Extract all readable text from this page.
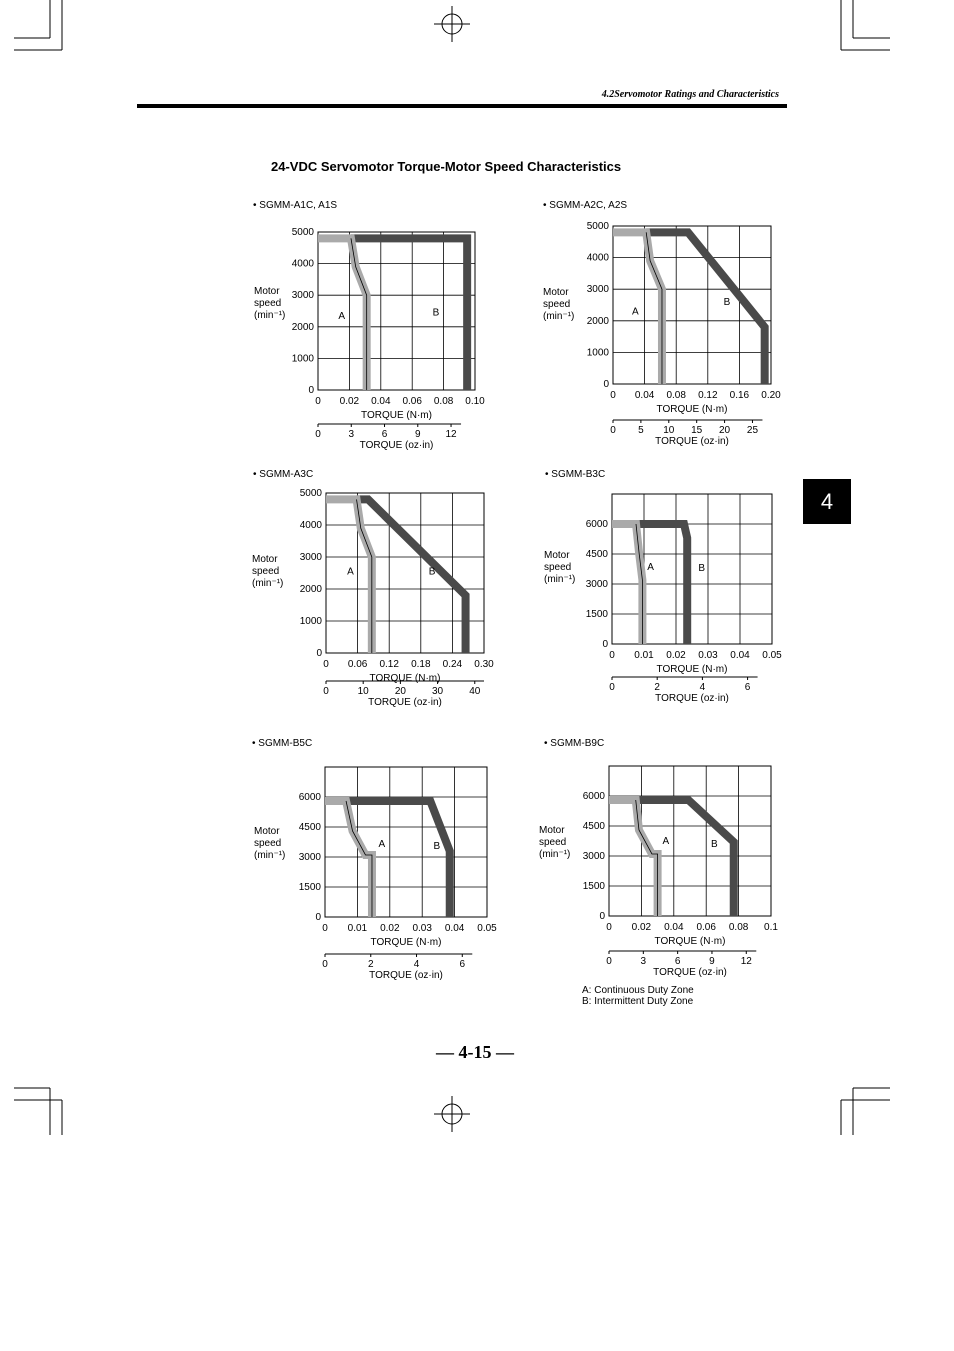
4.2Servomotor Ratings and Characteristics
24-VDC Servomotor Torque-Motor Speed Characteristics
• SGMM-A1C, A1S
0 0.02 0.04 0.06 0.08 0.10
0
1000
2000
3000
4000
5000
TORQUE (N·m)
Motor
speed
(min⁻¹)
0	3	6	9 12
TORQUE (oz·in)
A	B
• SGMM-A2C, A2S
0 0.04 0.08 0.12 0.16 0.20
0
1000
2000
3000
4000
5000
TORQUE (N·m)
Motor
speed
(min⁻¹)
0 5 10 15 20 25
TORQUE (oz·in)
A
B
• SGMM-A3C
0 0.06 0.12 0.18 0.24 0.30
0
1000
2000
3000
4000
5000
TORQUE (N·m)
Motor
speed
(min⁻¹)
0	10	20	30	40
TORQUE (oz·in)
A	B
• SGMM-B3C
0 0.01 0.02 0.03 0.04 0.05
0
1500
3000
4500
6000
TORQUE (N·m)
Motor
speed
(min⁻¹)
0	2	4	6
TORQUE (oz·in)
A	B
• SGMM-B5C
0 0.01 0.02 0.03 0.04 0.05
0
1500
3000
4500
6000
TORQUE (N·m)
Motor
speed
(min⁻¹)
0	2	4	6
TORQUE (oz·in)
A	B
• SGMM-B9C
0 0.02 0.04 0.06 0.08 0.1
0
1500
3000
4500
6000
TORQUE (N·m)
Motor
speed
(min⁻¹)
0	3	6	9	12
TORQUE (oz·in)
A	B
4
A: Continuous Duty Zone
B: Intermittent Duty Zone
— 4-15 —
